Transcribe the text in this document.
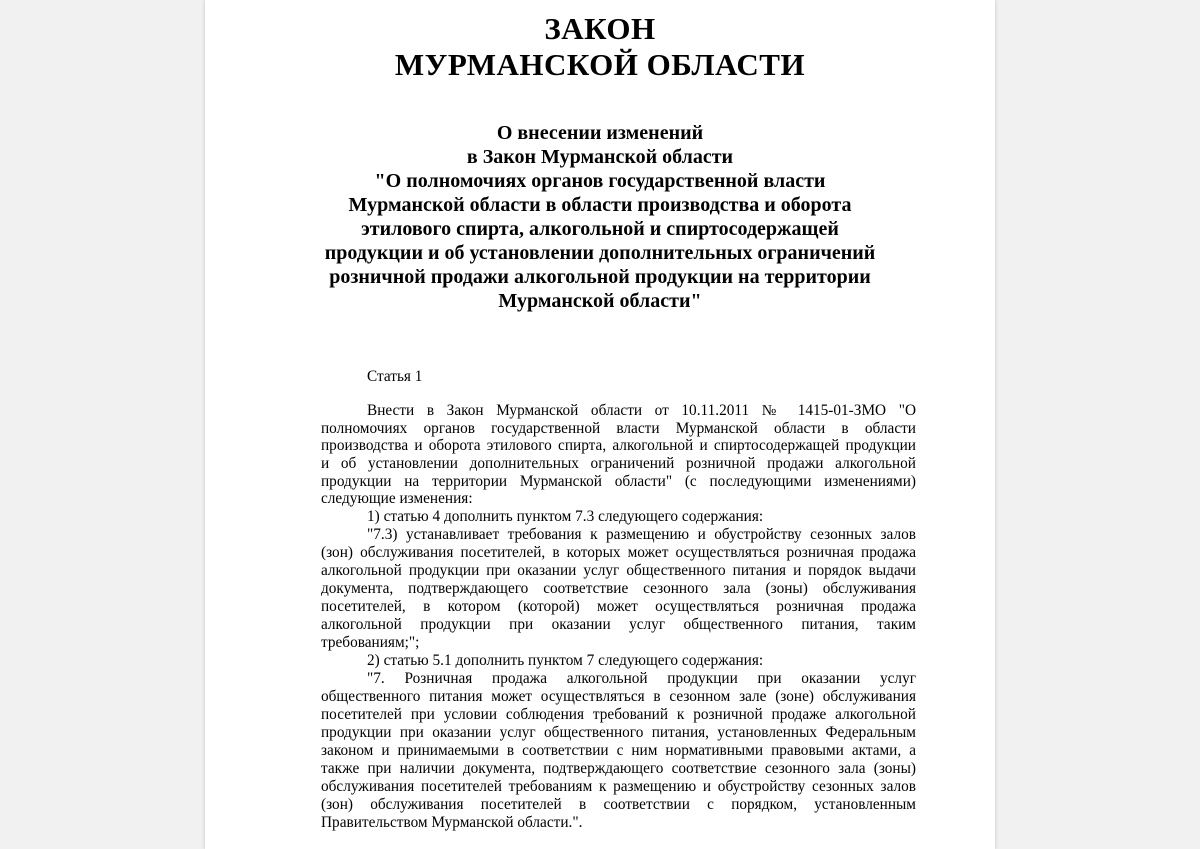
ЗАКОН
МУРМАНСКОЙ ОБЛАСТИ
О внесении изменений
в Закон Мурманской области
"О полномочиях органов государственной власти
Мурманской области в области производства и оборота
этилового спирта, алкогольной и спиртосодержащей
продукции и об установлении дополнительных ограничений
розничной продажи алкогольной продукции на территории
Мурманской области"
Статья 1
Внести в Закон Мурманской области от 10.11.2011 № 1415-01-ЗМО "О
полномочиях органов государственной власти Мурманской области в области
производства и оборота этилового спирта, алкогольной и спиртосодержащей продукции
и об установлении дополнительных ограничений розничной продажи алкогольной
продукции на территории Мурманской области" (с последующими изменениями)
следующие изменения:
1) статью 4 дополнить пунктом 7.3 следующего содержания:
"7.3) устанавливает требования к размещению и обустройству сезонных залов
(зон) обслуживания посетителей, в которых может осуществляться розничная продажа
алкогольной продукции при оказании услуг общественного питания и порядок выдачи
документа, подтверждающего соответствие сезонного зала (зоны) обслуживания
посетителей, в котором (которой) может осуществляться розничная продажа
алкогольной продукции при оказании услуг общественного питания, таким
требованиям;";
2) статью 5.1 дополнить пунктом 7 следующего содержания:
"7. Розничная продажа алкогольной продукции при оказании услуг
общественного питания может осуществляться в сезонном зале (зоне) обслуживания
посетителей при условии соблюдения требований к розничной продаже алкогольной
продукции при оказании услуг общественного питания, установленных Федеральным
законом и принимаемыми в соответствии с ним нормативными правовыми актами, а
также при наличии документа, подтверждающего соответствие сезонного зала (зоны)
обслуживания посетителей требованиям к размещению и обустройству сезонных залов
(зон) обслуживания посетителей в соответствии с порядком, установленным
Правительством Мурманской области.".
